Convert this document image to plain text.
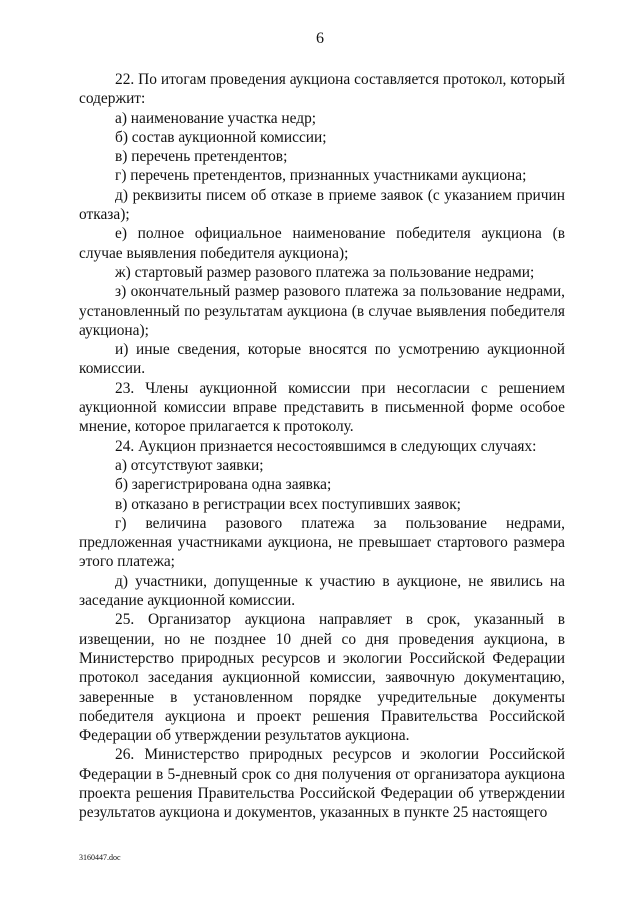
6

22. По итогам проведения аукциона составляется протокол, который содержит:

а) наименование участка недр;

б) состав аукционной комиссии;

в) перечень претендентов;

г) перечень претендентов, признанных участниками аукциона;

д) реквизиты писем об отказе в приеме заявок (с указанием причин отказа);

е) полное официальное наименование победителя аукциона (в случае выявления победителя аукциона);

ж) стартовый размер разового платежа за пользование недрами;

з) окончательный размер разового платежа за пользование недрами, установленный по результатам аукциона (в случае выявления победителя аукциона);

и) иные сведения, которые вносятся по усмотрению аукционной комиссии.

23. Члены аукционной комиссии при несогласии с решением аукционной комиссии вправе представить в письменной форме особое мнение, которое прилагается к протоколу.

24. Аукцион признается несостоявшимся в следующих случаях:

а) отсутствуют заявки;

б) зарегистрирована одна заявка;

в) отказано в регистрации всех поступивших заявок;

г) величина разового платежа за пользование недрами, предложенная участниками аукциона, не превышает стартового размера этого платежа;

д) участники, допущенные к участию в аукционе, не явились на заседание аукционной комиссии.

25. Организатор аукциона направляет в срок, указанный в извещении, но не позднее 10 дней со дня проведения аукциона, в Министерство природных ресурсов и экологии Российской Федерации протокол заседания аукционной комиссии, заявочную документацию, заверенные в установленном порядке учредительные документы победителя аукциона и проект решения Правительства Российской Федерации об утверждении результатов аукциона.

26. Министерство природных ресурсов и экологии Российской Федерации в 5-дневный срок со дня получения от организатора аукциона проекта решения Правительства Российской Федерации об утверждении результатов аукциона и документов, указанных в пункте 25 настоящего

3160447.doc
